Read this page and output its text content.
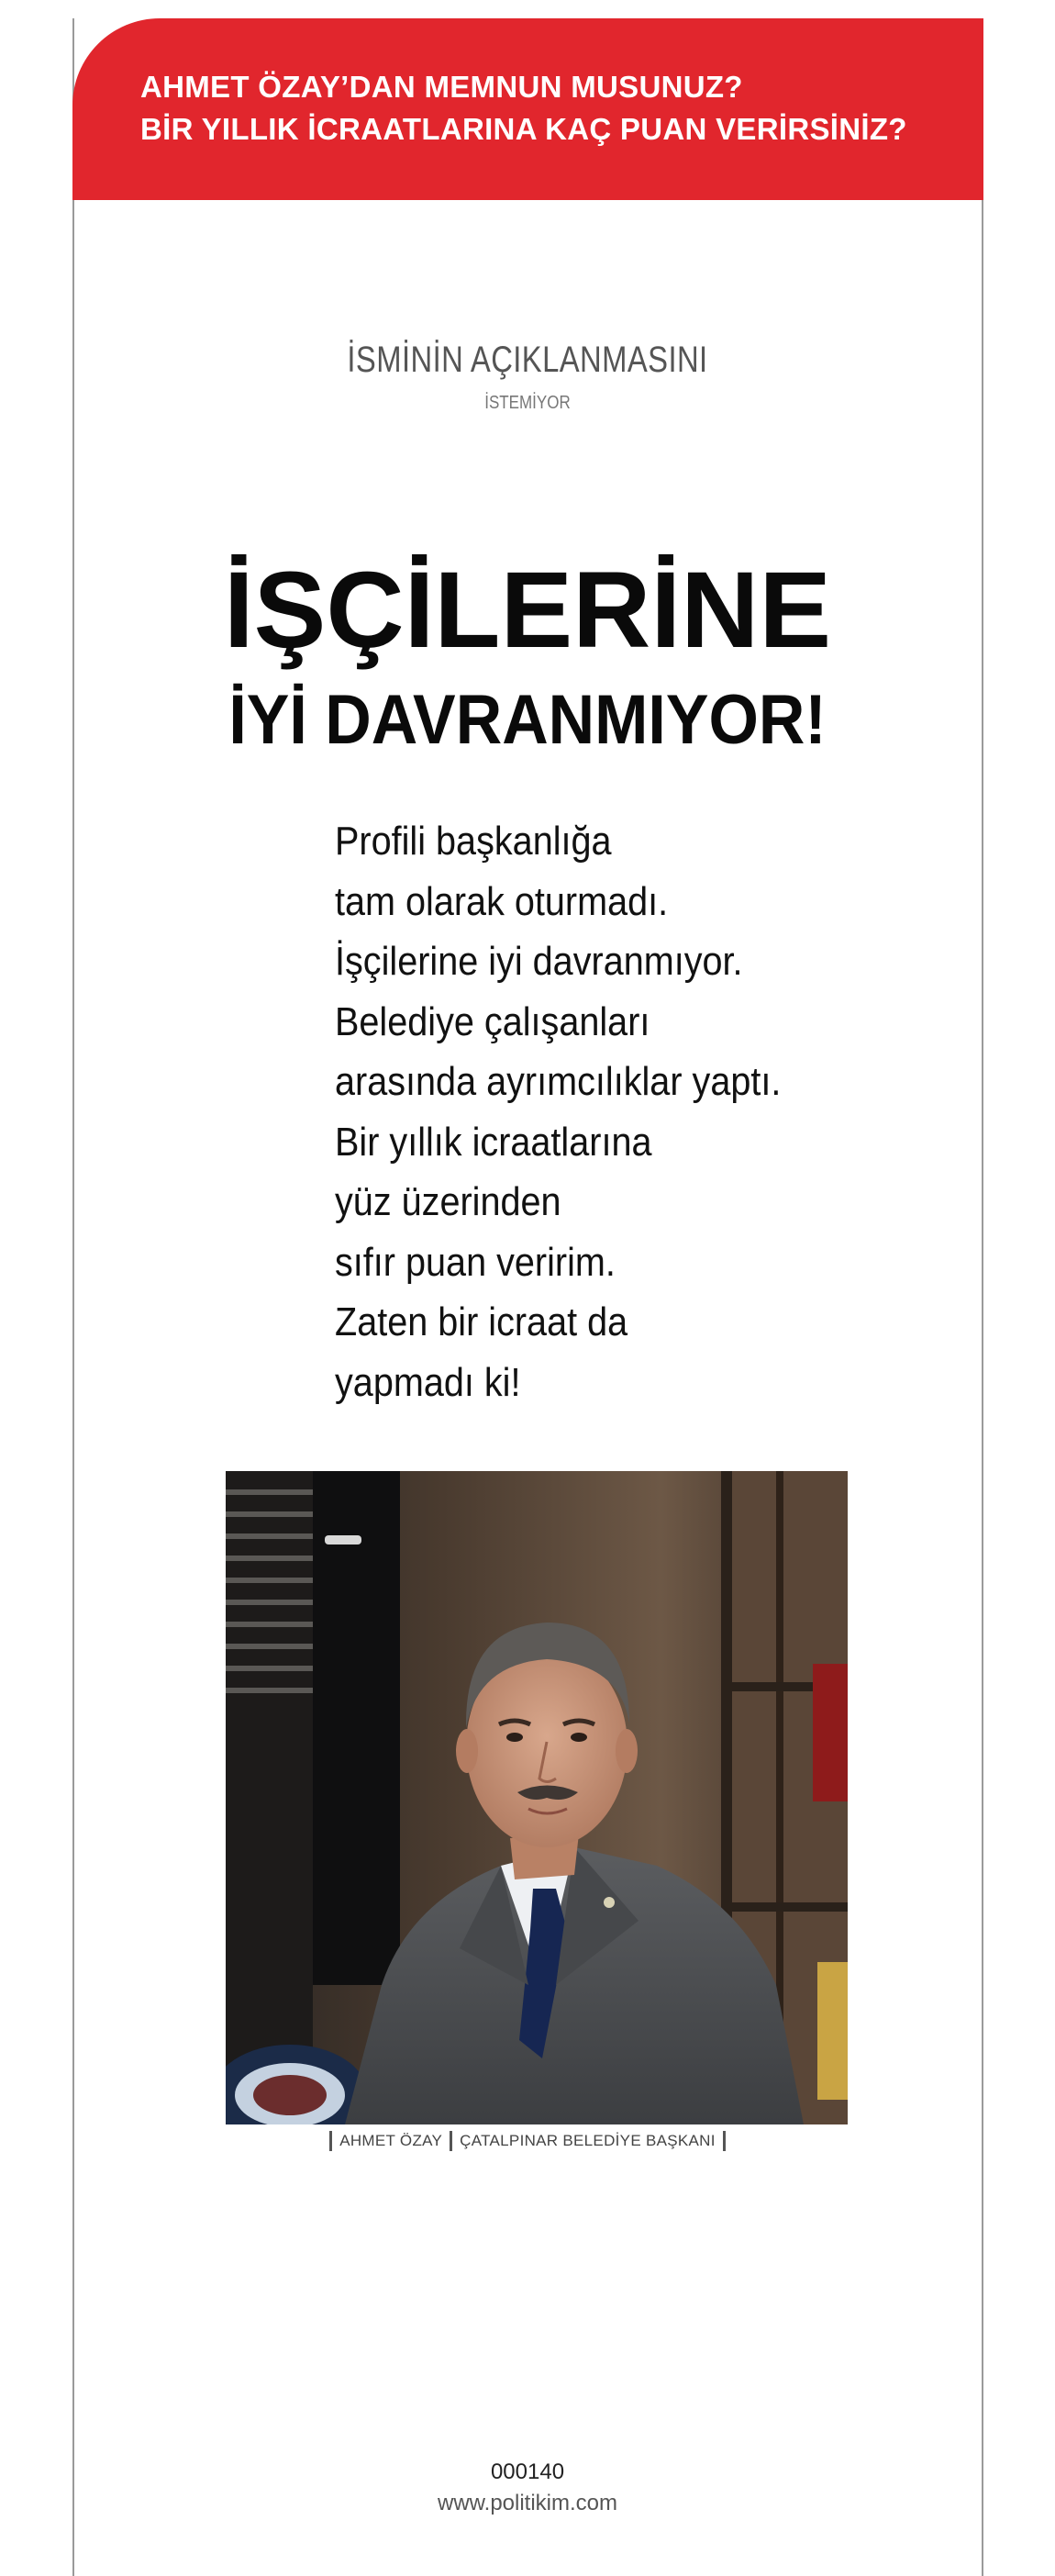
AHMET ÖZAY’DAN MEMNUN MUSUNUZ?
BİR YILLIK İCRAATLARINA KAÇ PUAN VERİRSİNİZ?
İSMİNİN AÇIKLANMASINI
İSTEMİYOR
İŞÇİLERİNE
İYİ DAVRANMIYOR!
Profili başkanlığa
tam olarak oturmadı.
İşçilerine iyi davranmıyor.
Belediye çalışanları
arasında ayrımcılıklar yaptı.
Bir yıllık icraatlarına
yüz üzerinden
sıfır puan veririm.
Zaten bir icraat da
yapmadı ki!
AHMET ÖZAY ÇATALPINAR BELEDİYE BAŞKANI
000140
www.politikim.com
